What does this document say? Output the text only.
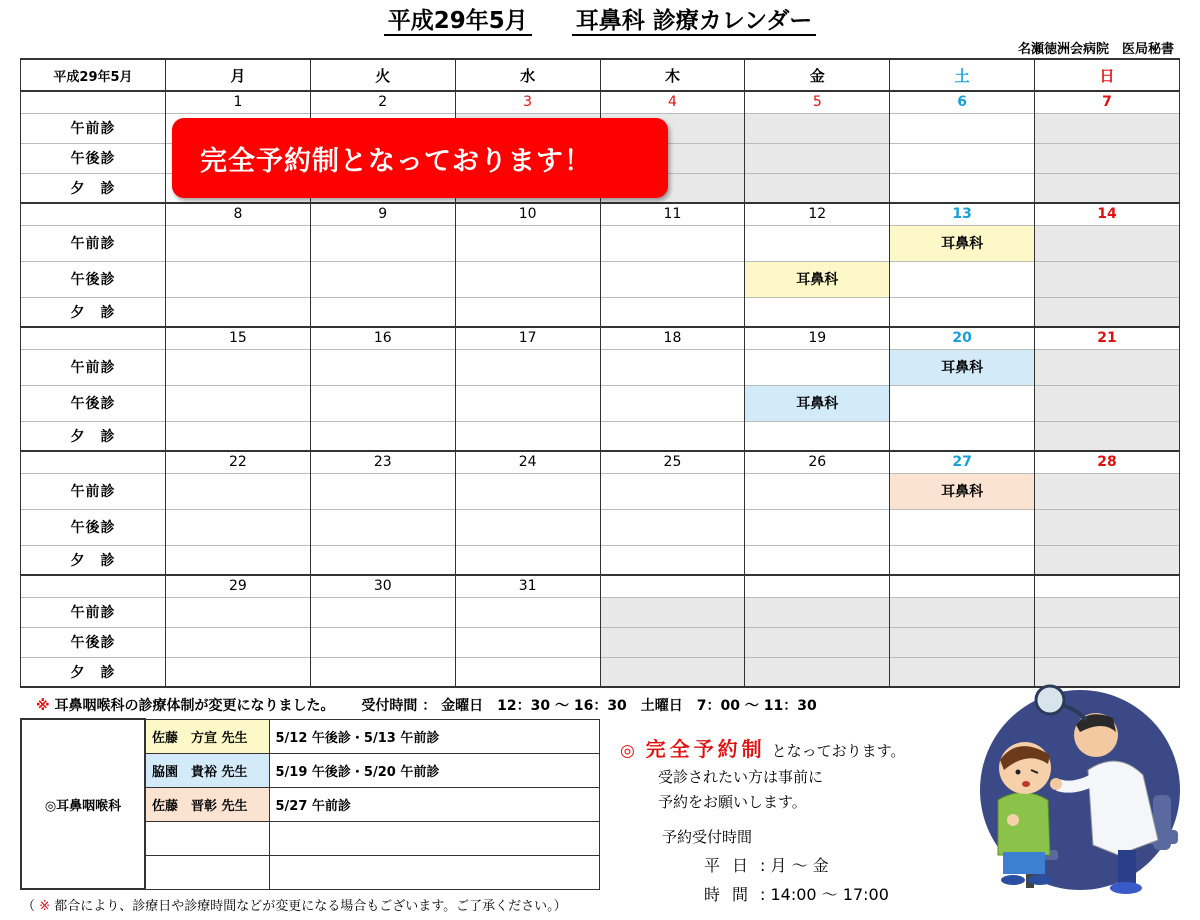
平成29年5月 耳鼻科 診療カレンダー
名瀬徳洲会病院　医局秘書
平成29年5月	月	火	水	木	金	土	日
	1	2	3	4	5	6	7
午前診							
午後診							
夕　診							
	8	9	10	11	12	13	14
午前診						耳鼻科	
午後診					耳鼻科		
夕　診							
	15	16	17	18	19	20	21
午前診						耳鼻科	
午後診					耳鼻科		
夕　診							
	22	23	24	25	26	27	28
午前診						耳鼻科	
午後診							
夕　診							
	29	30	31				
午前診							
午後診							
夕　診							
完全予約制となっております！
※ 耳鼻咽喉科の診療体制が変更になりました。 受付時間 ： 金曜日　12：30 ～ 16：30　土曜日　7：00 ～ 11：30
◎耳鼻咽喉科	佐藤　方宣 先生	5/12 午後診・5/13 午前診
	脇園　貴裕 先生	5/19 午後診・5/20 午前診
	佐藤　晋彰 先生	5/27 午前診

（ ※ 都合により、診療日や診療時間などが変更になる場合もございます。ご了承ください。）
◎ 完全予約制 となっております。
受診されたい方は事前に
予約をお願いします。
予約受付時間
平日: 月 ～ 金
時間: 14:00 ～ 17:00
